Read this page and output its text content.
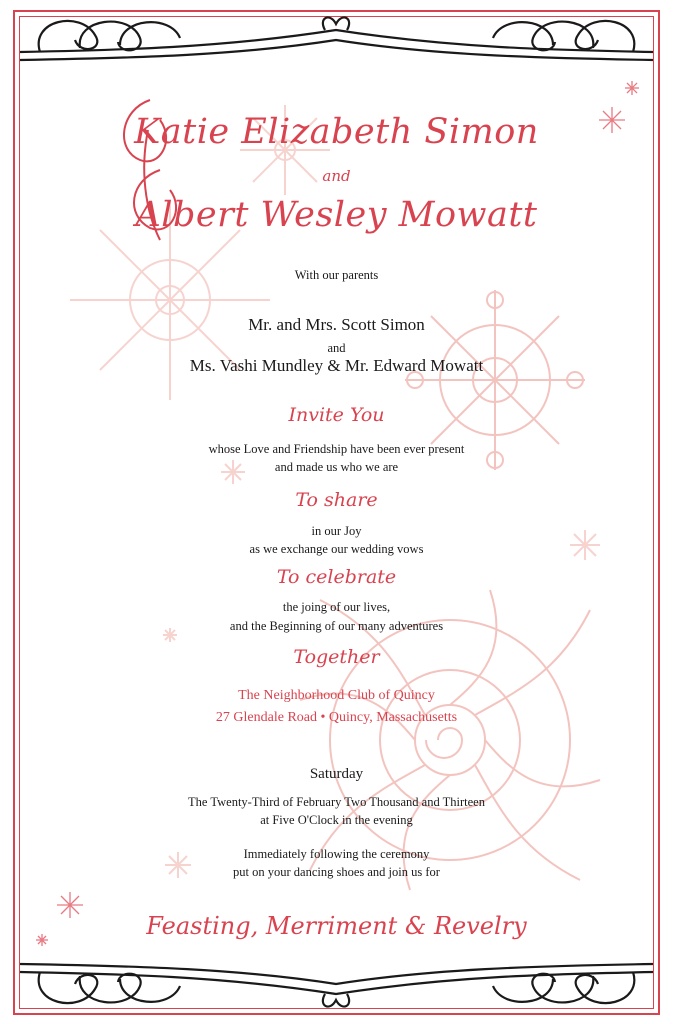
Katie Elizabeth Simon
and
Albert Wesley Mowatt
With our parents
Mr. and Mrs. Scott Simon
and
Ms. Vashi Mundley & Mr. Edward Mowatt
Invite You
whose Love and Friendship have been ever present
and made us who we are
To share
in our Joy
as we exchange our wedding vows
To celebrate
the joing of our lives,
and the Beginning of our many adventures
Together
The Neighborhood Club of Quincy
27 Glendale Road • Quincy, Massachusetts
Saturday
The Twenty-Third of February Two Thousand and Thirteen
at Five O'Clock in the evening
Immediately following the ceremony
put on your dancing shoes and join us for
Feasting, Merriment & Revelry
